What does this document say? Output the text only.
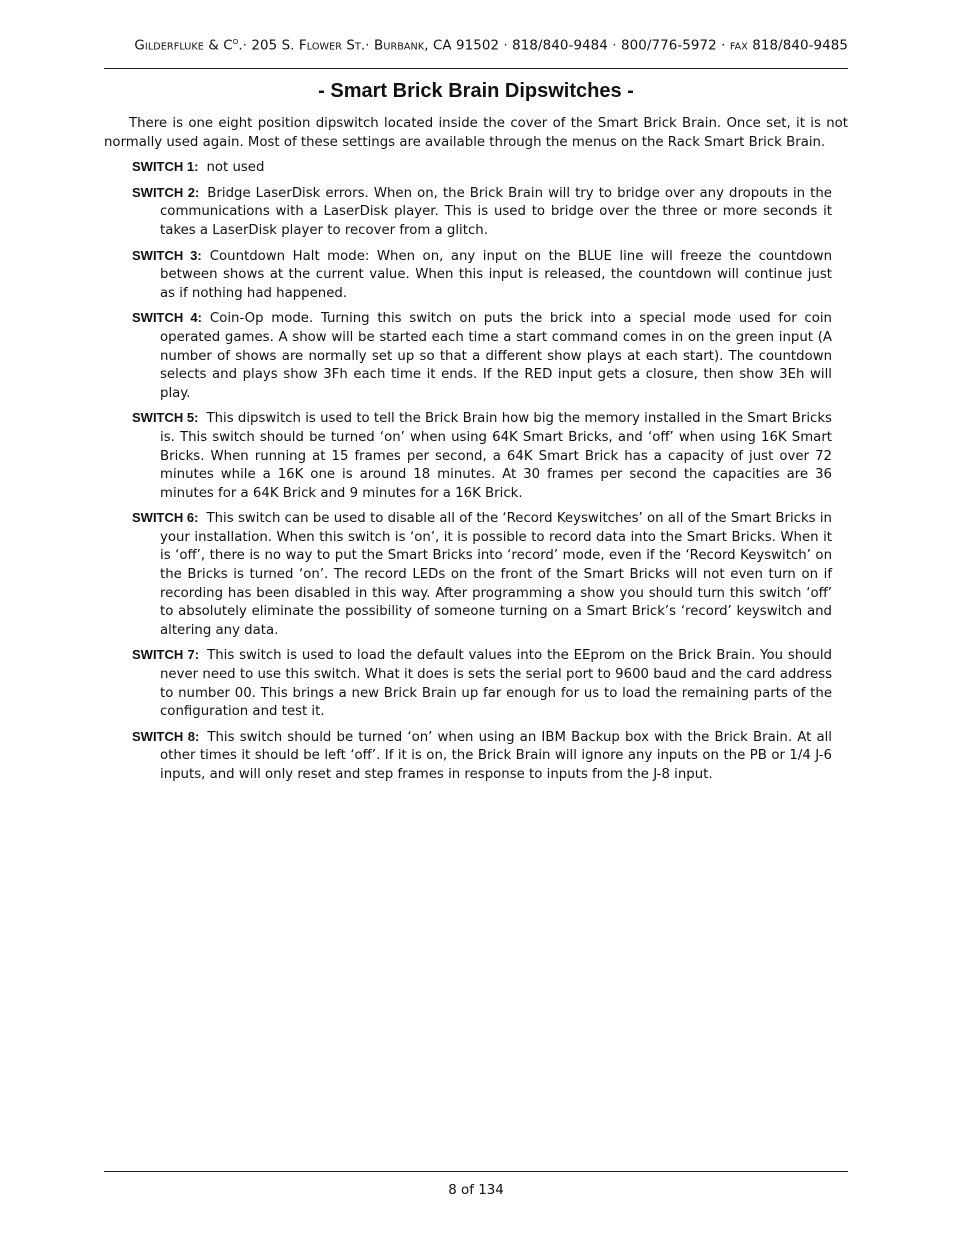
GILDERFLUKE & $C^O.\cdot 205$ S. FLOWER ST.· BURBANK, CA 91502 · 818/840-9484 · 800/776-5972 · FAX 818/840-9485
- Smart Brick Brain Dipswitches -

There is one eight position dipswitch located inside the cover of the Smart Brick Brain. Once set, it is not normally used again. Most of these settings are available through the menus on the Rack Smart Brick Brain.

SWITCH 1: not used

SWITCH 2: Bridge LaserDisk errors. When on, the Brick Brain will try to bridge over any dropouts in the communications with a LaserDisk player. This is used to bridge over the three or more seconds it takes a LaserDisk player to recover from a glitch.

SWITCH 3: Countdown Halt mode: When on, any input on the BLUE line will freeze the countdown between shows at the current value. When this input is released, the countdown will continue just as if nothing had happened.

SWITCH 4: Coin-Op mode. Turning this switch on puts the brick into a special mode used for coin operated games. A show will be started each time a start command comes in on the green input (A number of shows are normally set up so that a different show plays at each start). The countdown selects and plays show 3Fh each time it ends. If the RED input gets a closure, then show 3Eh will play.

SWITCH 5: This dipswitch is used to tell the Brick Brain how big the memory installed in the Smart Bricks is. This switch should be turned ‘on’ when using 64K Smart Bricks, and ‘off’ when using 16K Smart Bricks. When running at 15 frames per second, a 64K Smart Brick has a capacity of just over 72 minutes while a 16K one is around 18 minutes. At 30 frames per second the capacities are 36 minutes for a 64K Brick and 9 minutes for a 16K Brick.

SWITCH 6: This switch can be used to disable all of the ‘Record Keyswitches’ on all of the Smart Bricks in your installation. When this switch is ‘on’, it is possible to record data into the Smart Bricks. When it is ‘off’, there is no way to put the Smart Bricks into ‘record’ mode, even if the ‘Record Keyswitch’ on the Bricks is turned ‘on’. The record LEDs on the front of the Smart Bricks will not even turn on if recording has been disabled in this way. After programming a show you should turn this switch ‘off’ to absolutely eliminate the possibility of someone turning on a Smart Brick’s ‘record’ keyswitch and altering any data.

SWITCH 7: This switch is used to load the default values into the EEprom on the Brick Brain. You should never need to use this switch. What it does is sets the serial port to 9600 baud and the card address to number 00. This brings a new Brick Brain up far enough for us to load the remaining parts of the configuration and test it.

SWITCH 8: This switch should be turned ‘on’ when using an IBM Backup box with the Brick Brain. At all other times it should be left ‘off’. If it is on, the Brick Brain will ignore any inputs on the PB or 1/4 J-6 inputs, and will only reset and step frames in response to inputs from the J-8 input.

8 of 134
